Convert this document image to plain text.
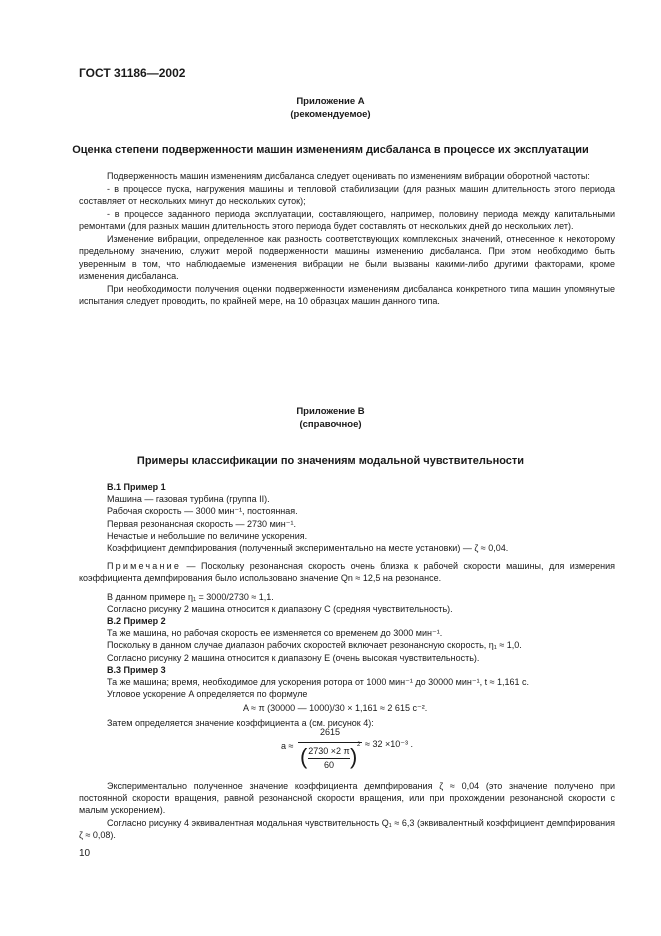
ГОСТ 31186—2002
Приложение А
(рекомендуемое)
Оценка степени подверженности машин изменениям дисбаланса в процессе их эксплуатации

Подверженность машин изменениям дисбаланса следует оценивать по изменениям вибрации оборотной частоты:

- в процессе пуска, нагружения машины и тепловой стабилизации (для разных машин длительность этого периода составляет от нескольких минут до нескольких суток);

- в процессе заданного периода эксплуатации, составляющего, например, половину периода между капитальными ремонтами (для разных машин длительность этого периода будет составлять от нескольких дней до нескольких лет).

Изменение вибрации, определенное как разность соответствующих комплексных значений, отнесенное к некоторому предельному значению, служит мерой подверженности машины изменению дисбаланса. При этом необходимо быть уверенным в том, что наблюдаемые изменения вибрации не были вызваны какими-либо другими факторами, кроме изменения дисбаланса.

При необходимости получения оценки подверженности изменениям дисбаланса конкретного типа машин упомянутые испытания следует проводить, по крайней мере, на 10 образцах машин данного типа.

Приложение В
(справочное)
Примеры классификации по значениям модальной чувствительности

В.1 Пример 1

Машина — газовая турбина (группа II).

Рабочая скорость — 3000 мин⁻¹, постоянная.

Первая резонансная скорость — 2730 мин⁻¹.

Нечастые и небольшие по величине ускорения.

Коэффициент демпфирования (полученный экспериментально на месте установки) — ζ ≈ 0,04.

Примечание — Поскольку резонансная скорость очень близка к рабочей скорости машины, для измерения коэффициента демпфирования было использовано значение Qn ≈ 12,5 на резонансе.

В данном примере η₁ = 3000/2730 ≈ 1,1.

Согласно рисунку 2 машина относится к диапазону С (средняя чувствительность).

В.2 Пример 2

Та же машина, но рабочая скорость ее изменяется со временем до 3000 мин⁻¹.

Поскольку в данном случае диапазон рабочих скоростей включает резонансную скорость, η₁ ≈ 1,0.

Согласно рисунку 2 машина относится к диапазону Е (очень высокая чувствительность).

В.3 Пример 3

Та же машина; время, необходимое для ускорения ротора от 1000 мин⁻¹ до 30000 мин⁻¹, t ≈ 1,161 с.

Угловое ускорение A определяется по формуле

A ≈ π (30000 — 1000)/30 × 1,161 ≈ 2 615 с⁻².
Затем определяется значение коэффициента a (см. рисунок 4):
a ≈
2615
( 2730 ×2 π
60 ) 2 ≈ 32 ×10⁻³ .

Экспериментально полученное значение коэффициента демпфирования ζ ≈ 0,04 (это значение получено при постоянной скорости вращения, равной резонансной скорости вращения, или при прохождении резонансной скорости с малым ускорением).

Согласно рисунку 4 эквивалентная модальная чувствительность Q₁ ≈ 6,3 (эквивалентный коэффициент демпфирования ζ ≈ 0,08).

10
